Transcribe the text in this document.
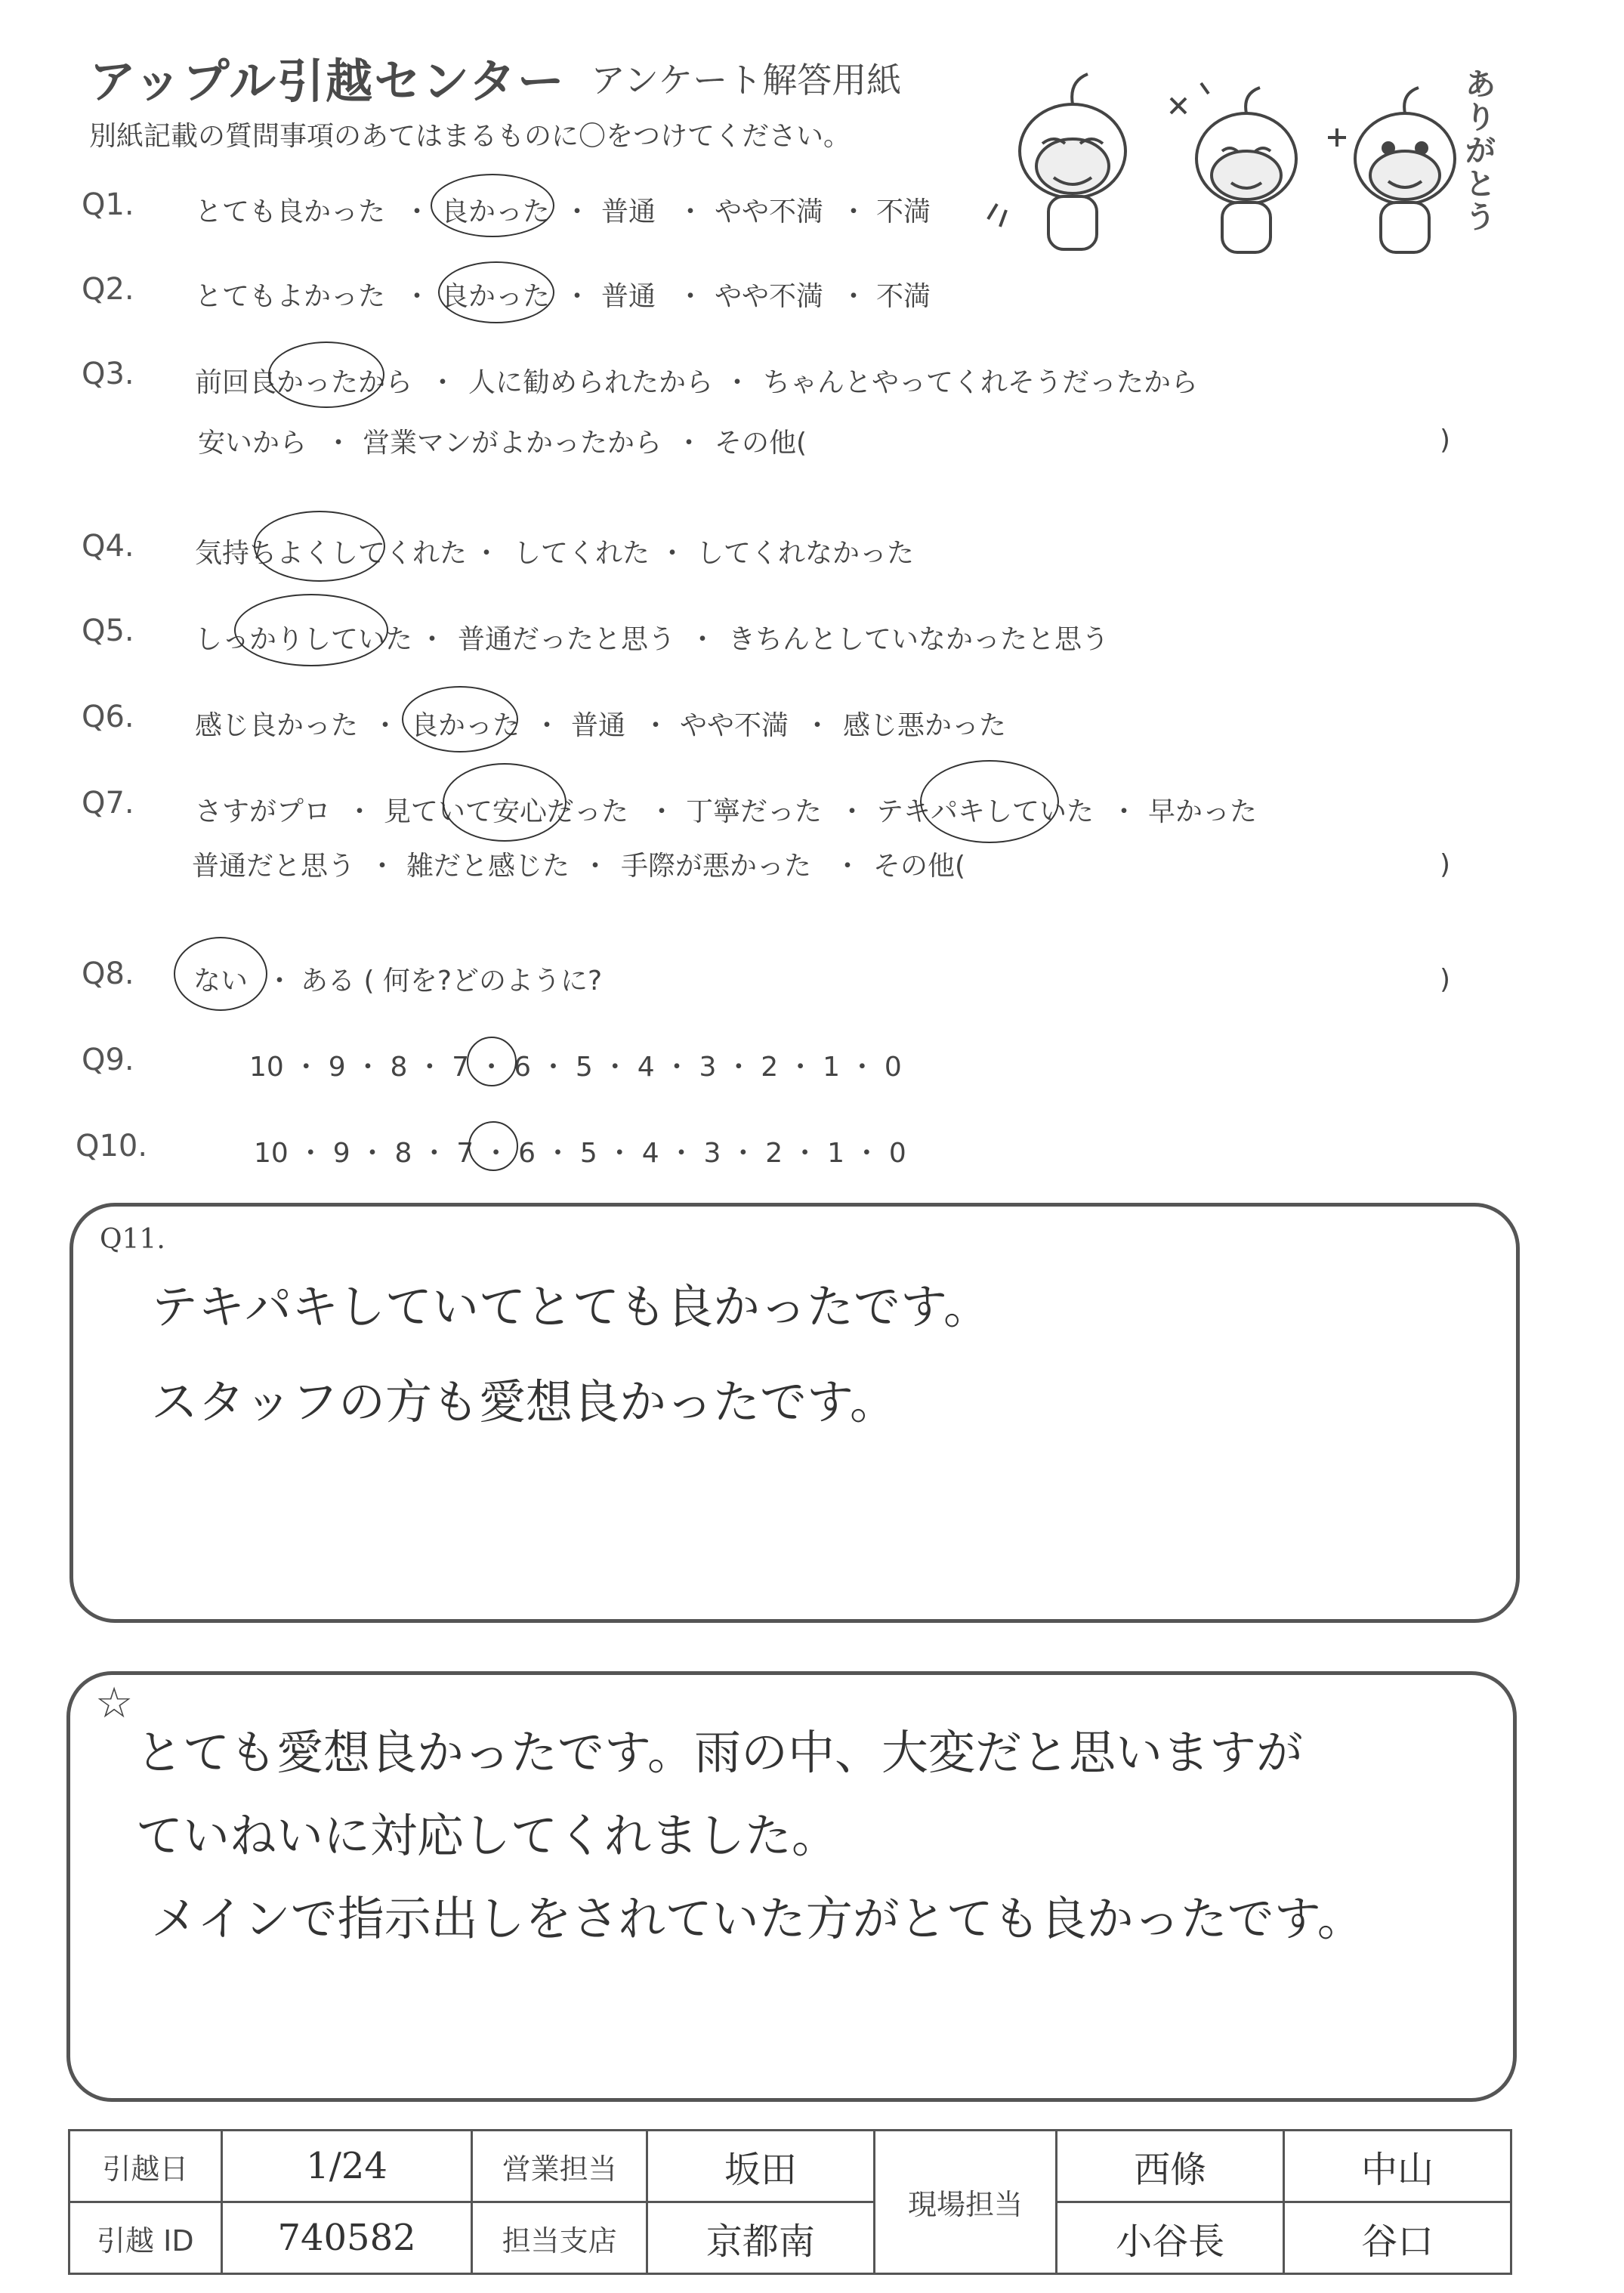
アップル引越センター アンケート解答用紙
別紙記載の質問事項のあてはまるものに〇をつけてください。
ありがとう
Q1. とても良かった ・ 良かった ・ 普通 ・ やや不満 ・ 不満
Q2. とてもよかった ・ 良かった ・ 普通 ・ やや不満 ・ 不満
Q3. 前回良かったから ・ 人に勧められたから ・ ちゃんとやってくれそうだったから
安いから ・ 営業マンがよかったから ・ その他(	)
Q4. 気持ちよくしてくれた ・ してくれた ・ してくれなかった
Q5. しっかりしていた ・ 普通だったと思う ・ きちんとしていなかったと思う
Q6. 感じ良かった ・ 良かった ・ 普通 ・ やや不満 ・ 感じ悪かった
Q7. さすがプロ ・ 見ていて安心だった ・ 丁寧だった ・ テキパキしていた ・ 早かった
普通だと思う ・ 雑だと感じた ・ 手際が悪かった ・ その他(	)
Q8. ない ・ ある ( 何を?どのように?	)
Q9.	10 ・ 9 ・ 8 ・ 7 ・ 6 ・ 5 ・ 4 ・ 3 ・ 2 ・ 1 ・ 0
Q10.	10 ・ 9 ・ 8 ・ 7 ・ 6 ・ 5 ・ 4 ・ 3 ・ 2 ・ 1 ・ 0
Q11.
テキパキしていてとても良かったです。
スタッフの方も愛想良かったです。
☆
とても愛想良かったです。雨の中、大変だと思いますが
ていねいに対応してくれました。
メインで指示出しをされていた方がとても良かったです。
引越日	1/24	営業担当	坂田	現場担当	西條	中山
引越 ID	740582	担当支店	京都南		小谷長	谷口
